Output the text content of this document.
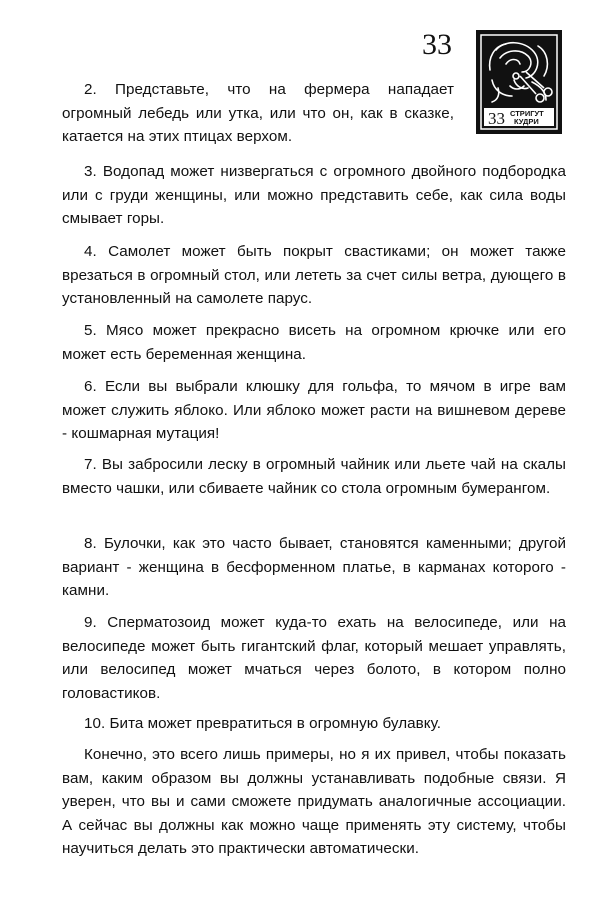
33
33 СТРИГУТ
КУДРИ

2. Представьте, что на фермера нападает огромный лебедь или утка, или что он, как в сказке, катается на этих птицах верхом.

3. Водопад может низвергаться с огромного двойного подбородка или с груди женщины, или можно представить себе, как сила воды смывает горы.

4. Самолет может быть покрыт свастиками; он может также врезаться в огромный стол, или лететь за счет силы ветра, дующего в установленный на самолете парус.

5. Мясо может прекрасно висеть на огромном крючке или его может есть беременная женщина.

6. Если вы выбрали клюшку для гольфа, то мячом в игре вам может служить яблоко. Или яблоко может расти на вишневом дереве - кошмарная мутация!

7. Вы забросили леску в огромный чайник или льете чай на скалы вместо чашки, или сбиваете чайник со стола огромным бумерангом.

8. Булочки, как это часто бывает, становятся каменными; другой вариант - женщина в бесформенном платье, в карманах которого - камни.

9. Сперматозоид может куда-то ехать на велосипеде, или на велосипеде может быть гигантский флаг, который мешает управлять, или велосипед может мчаться через болото, в котором полно головастиков.

10. Бита может превратиться в огромную булавку.

Конечно, это всего лишь примеры, но я их привел, чтобы показать вам, каким образом вы должны устанавливать подобные связи. Я уверен, что вы и сами сможете придумать аналогичные ассоциации. А сейчас вы должны как можно чаще применять эту систему, чтобы научиться делать это практически автоматически.
